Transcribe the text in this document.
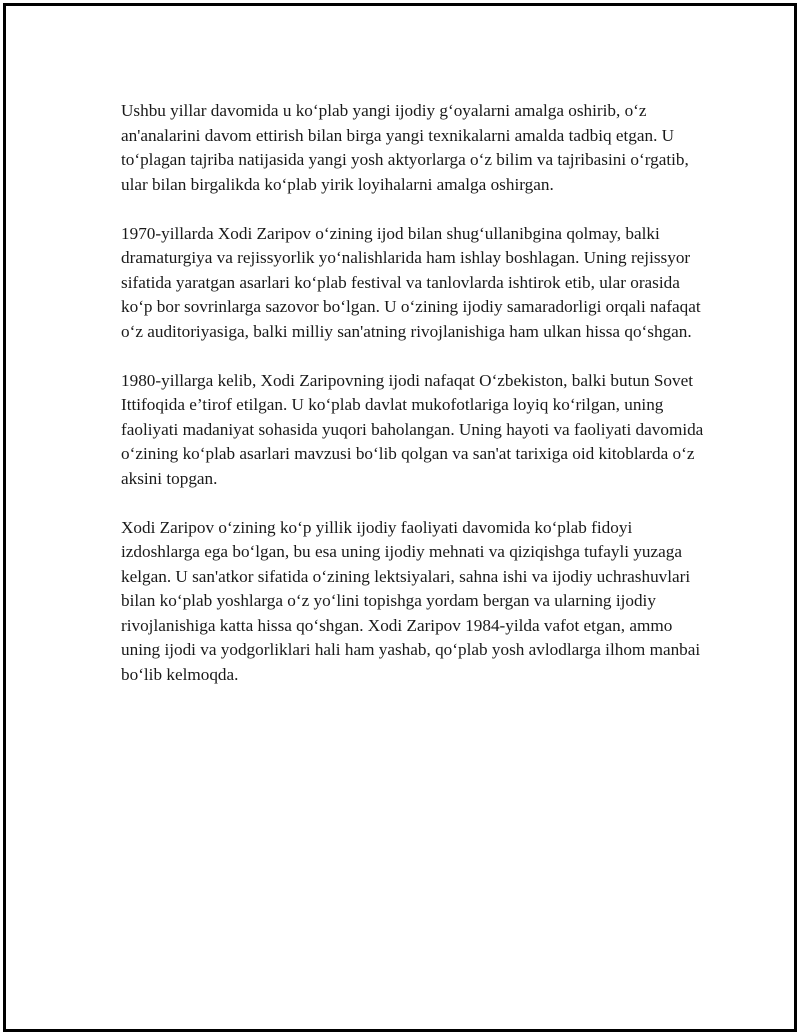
Ushbu yillar davomida u ko‘plab yangi ijodiy g‘oyalarni amalga oshirib, o‘z an'analarini davom ettirish bilan birga yangi texnikalarni amalda tadbiq etgan. U to‘plagan tajriba natijasida yangi yosh aktyorlarga o‘z bilim va tajribasini o‘rgatib, ular bilan birgalikda ko‘plab yirik loyihalarni amalga oshirgan.

1970-yillarda Xodi Zaripov o‘zining ijod bilan shug‘ullanibgina qolmay, balki dramaturgiya va rejissyorlik yo‘nalishlarida ham ishlay boshlagan. Uning rejissyor sifatida yaratgan asarlari ko‘plab festival va tanlovlarda ishtirok etib, ular orasida ko‘p bor sovrinlarga sazovor bo‘lgan. U o‘zining ijodiy samaradorligi orqali nafaqat o‘z auditoriyasiga, balki milliy san'atning rivojlanishiga ham ulkan hissa qo‘shgan.

1980-yillarga kelib, Xodi Zaripovning ijodi nafaqat O‘zbekiston, balki butun Sovet Ittifoqida e’tirof etilgan. U ko‘plab davlat mukofotlariga loyiq ko‘rilgan, uning faoliyati madaniyat sohasida yuqori baholangan. Uning hayoti va faoliyati davomida o‘zining ko‘plab asarlari mavzusi bo‘lib qolgan va san'at tarixiga oid kitoblarda o‘z aksini topgan.

Xodi Zaripov o‘zining ko‘p yillik ijodiy faoliyati davomida ko‘plab fidoyi izdoshlarga ega bo‘lgan, bu esa uning ijodiy mehnati va qiziqishga tufayli yuzaga kelgan. U san'atkor sifatida o‘zining lektsiyalari, sahna ishi va ijodiy uchrashuvlari bilan ko‘plab yoshlarga o‘z yo‘lini topishga yordam bergan va ularning ijodiy rivojlanishiga katta hissa qo‘shgan. Xodi Zaripov 1984-yilda vafot etgan, ammo uning ijodi va yodgorliklari hali ham yashab, qo‘plab yosh avlodlarga ilhom manbai bo‘lib kelmoqda.
